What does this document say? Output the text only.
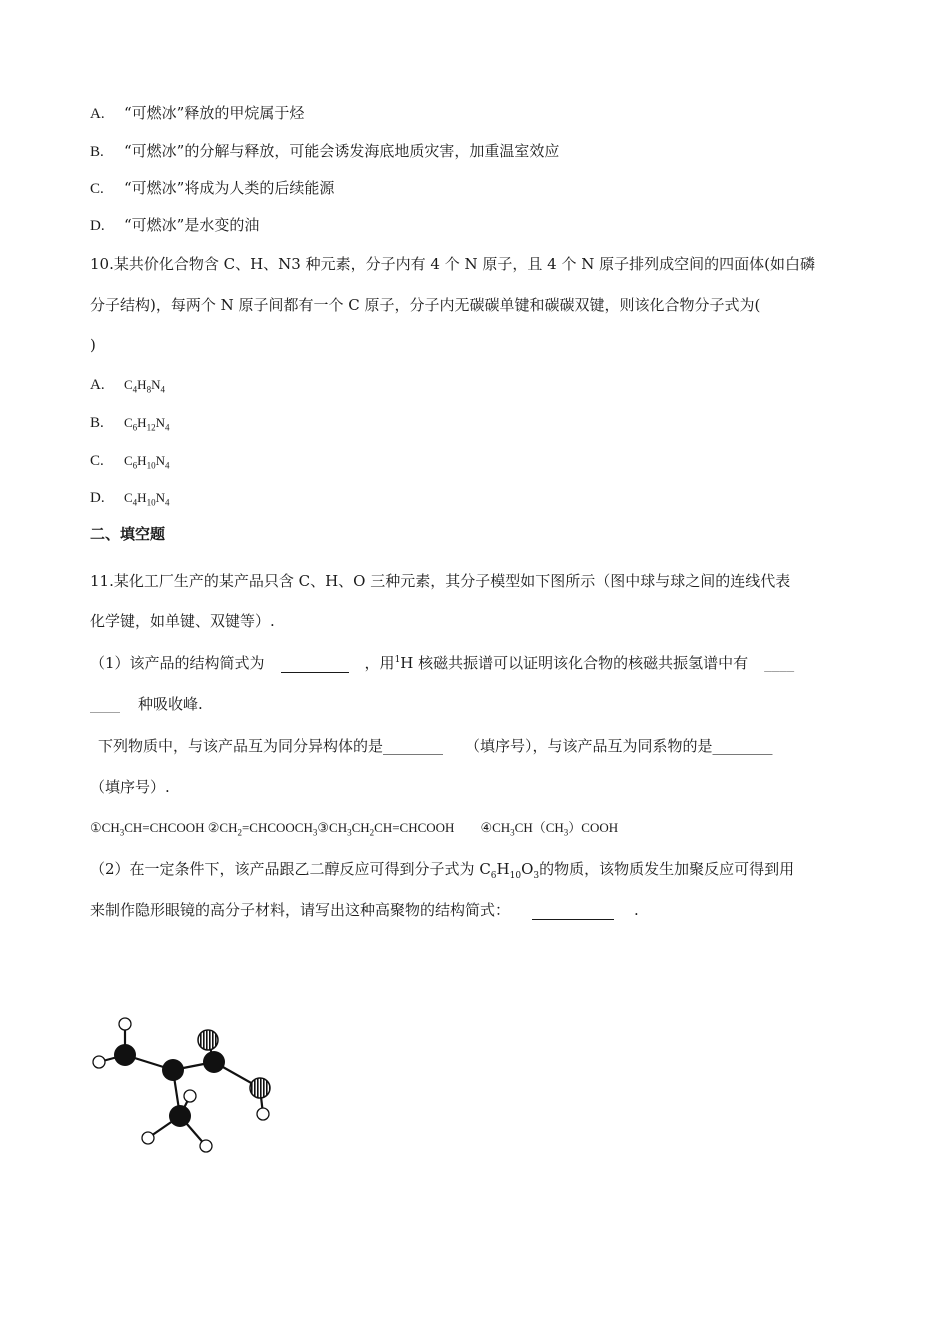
A. “可燃冰”释放的甲烷属于烃
B. “可燃冰”的分解与释放，可能会诱发海底地质灾害，加重温室效应
C. “可燃冰”将成为人类的后续能源
D. “可燃冰”是水变的油
10.某共价化合物含 C、H、N3 种元素，分子内有 4 个 N 原子，且 4 个 N 原子排列成空间的四面体(如白磷
分子结构)，每两个 N 原子间都有一个 C 原子，分子内无碳碳单键和碳碳双键，则该化合物分子式为(
)
A. $C_4H_8N_4$
B. $C_6H_{12}N_4$
C. $C_6H_{10}N_4$
D. $C_4H_{10}N_4$
二、填空题
11.某化工厂生产的某产品只含 C、H、O 三种元素，其分子模型如下图所示（图中球与球之间的连线代表
化学键，如单键、双键等）.
（1）该产品的结构简式为	，用$^1$H 核磁共振谱可以证明该化合物的核磁共振氢谱中有 ____
____ 种吸收峰.
下列物质中，与该产品互为同分异构体的是________ （填序号），与该产品互为同系物的是________
（填序号）.
$①CH_3CH=CHCOOH$ $②CH_2=CHCOOCH_3③CH_3CH_2CH=CHCOOH$ $④CH_3CH(CH_3)COOH$
（2）在一定条件下，该产品跟乙二醇反应可得到分子式为 $C_6H_{10}O_3$的物质，该物质发生加聚反应可得到用
来制作隐形眼镜的高分子材料，请写出这种高聚物的结构简式：	.
